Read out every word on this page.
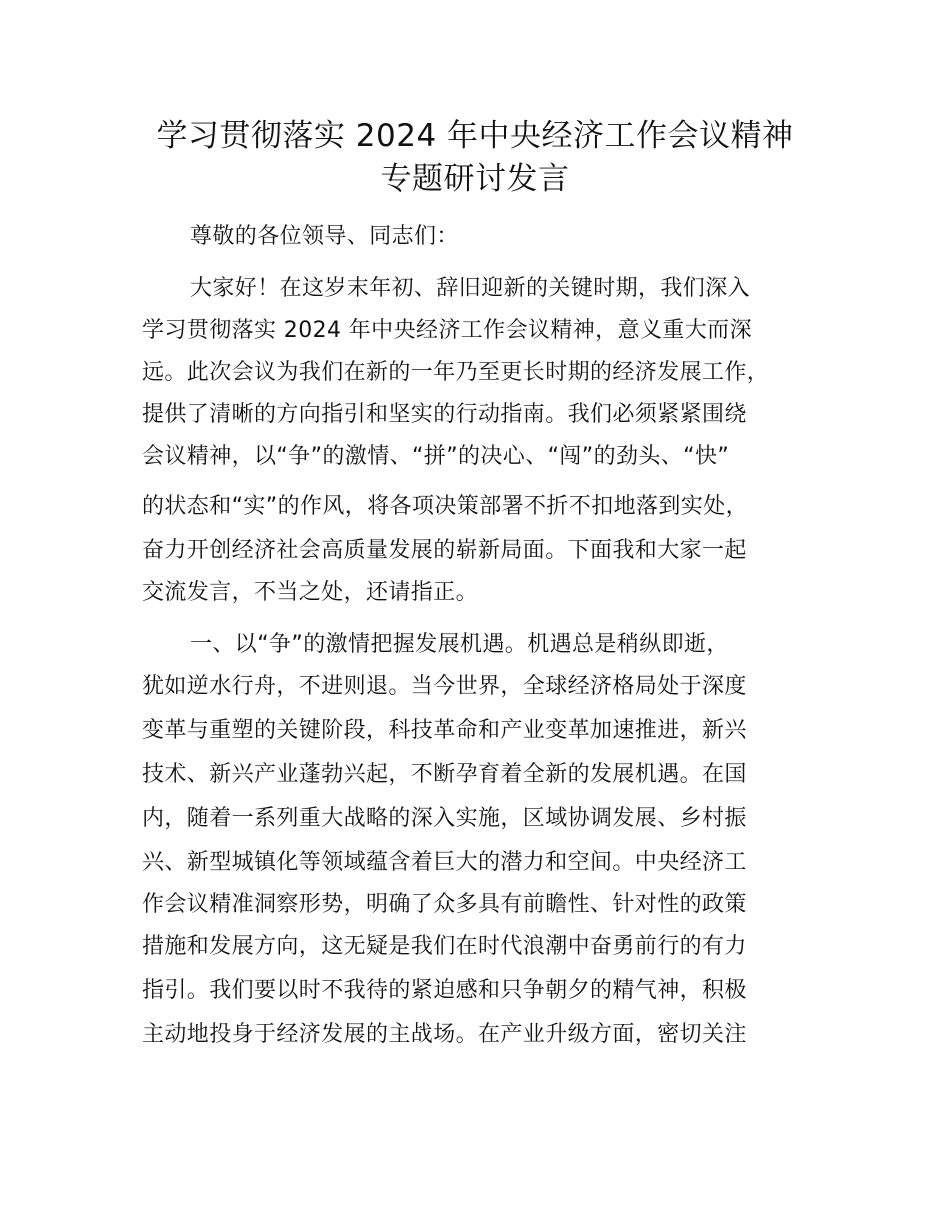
学习贯彻落实 2024 年中央经济工作会议精神
专题研讨发言
尊敬的各位领导、同志们：
大家好！在这岁末年初、辞旧迎新的关键时期，我们深入
学习贯彻落实 2024 年中央经济工作会议精神，意义重大而深
远。此次会议为我们在新的一年乃至更长时期的经济发展工作，
提供了清晰的方向指引和坚实的行动指南。我们必须紧紧围绕
会议精神，以“争”的激情、“拼”的决心、“闯”的劲头、“快”
的状态和“实”的作风，将各项决策部署不折不扣地落到实处，
奋力开创经济社会高质量发展的崭新局面。下面我和大家一起
交流发言，不当之处，还请指正。
一、以“争”的激情把握发展机遇。机遇总是稍纵即逝，
犹如逆水行舟，不进则退。当今世界，全球经济格局处于深度
变革与重塑的关键阶段，科技革命和产业变革加速推进，新兴
技术、新兴产业蓬勃兴起，不断孕育着全新的发展机遇。在国
内，随着一系列重大战略的深入实施，区域协调发展、乡村振
兴、新型城镇化等领域蕴含着巨大的潜力和空间。中央经济工
作会议精准洞察形势，明确了众多具有前瞻性、针对性的政策
措施和发展方向，这无疑是我们在时代浪潮中奋勇前行的有力
指引。我们要以时不我待的紧迫感和只争朝夕的精气神，积极
主动地投身于经济发展的主战场。在产业升级方面，密切关注
